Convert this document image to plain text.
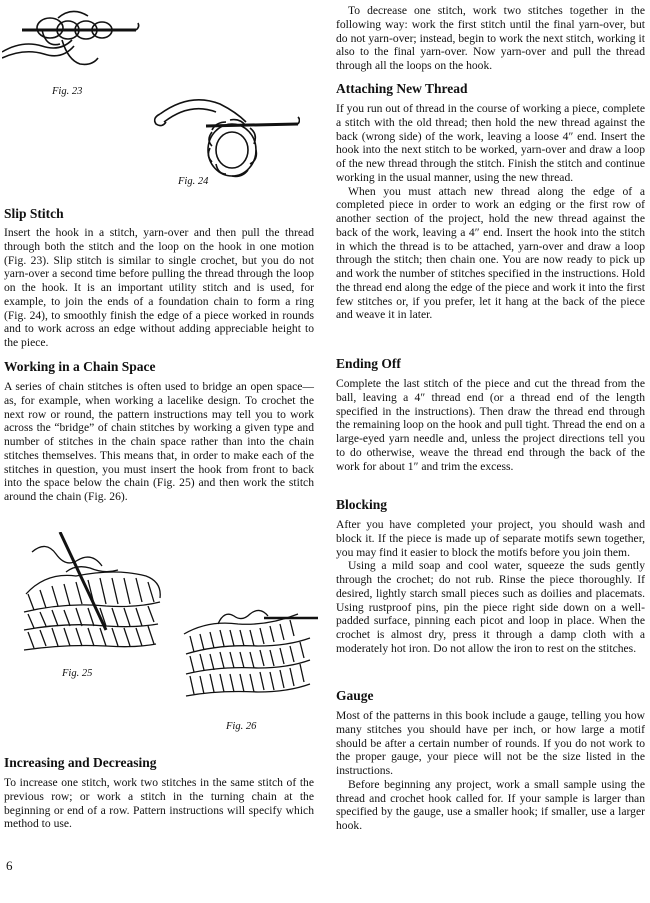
Fig. 23
Fig. 24
Slip Stitch

Insert the hook in a stitch, yarn-over and then pull the thread through both the stitch and the loop on the hook in one motion (Fig. 23). Slip stitch is similar to single crochet, but you do not yarn-over a second time before pulling the thread through the loop on the hook. It is an important utility stitch and is used, for example, to join the ends of a foundation chain to form a ring (Fig. 24), to smoothly finish the edge of a piece worked in rounds and to work across an edge without adding appreciable height to the piece.

Working in a Chain Space

A series of chain stitches is often used to bridge an open space—as, for example, when working a lacelike design. To crochet the next row or round, the pattern instructions may tell you to work across the “bridge” of chain stitches by working a given type and number of stitches in the chain space rather than into the chain stitches themselves. This means that, in order to make each of the stitches in question, you must insert the hook from front to back into the space below the chain (Fig. 25) and then work the stitch around the chain (Fig. 26).

Increasing and Decreasing

To increase one stitch, work two stitches in the same stitch of the previous row; or work a stitch in the turning chain at the beginning or end of a row. Pattern instructions will specify which method to use.

Fig. 25
Fig. 26

To decrease one stitch, work two stitches together in the following way: work the first stitch until the final yarn-over, but do not yarn-over; instead, begin to work the next stitch, working it also to the final yarn-over. Now yarn-over and pull the thread through all the loops on the hook.

Attaching New Thread

If you run out of thread in the course of working a piece, complete a stitch with the old thread; then hold the new thread against the back (wrong side) of the work, leaving a loose 4″ end. Insert the hook into the next stitch to be worked, yarn-over and draw a loop of the new thread through the stitch. Finish the stitch and continue working in the usual manner, using the new thread.

When you must attach new thread along the edge of a completed piece in order to work an edging or the first row of another section of the project, hold the new thread against the back of the work, leaving a 4″ end. Insert the hook into the stitch in which the thread is to be attached, yarn-over and draw a loop through the stitch; then chain one. You are now ready to pick up and work the number of stitches specified in the instructions. Hold the thread end along the edge of the piece and work it into the first few stitches or, if you prefer, let it hang at the back of the piece and weave it in later.

Ending Off

Complete the last stitch of the piece and cut the thread from the ball, leaving a 4″ thread end (or a thread end of the length specified in the instructions). Then draw the thread end through the remaining loop on the hook and pull tight. Thread the end on a large-eyed yarn needle and, unless the project directions tell you to do otherwise, weave the thread end through the back of the work for about 1″ and trim the excess.

Blocking

After you have completed your project, you should wash and block it. If the piece is made up of separate motifs sewn together, you may find it easier to block the motifs before you join them.

Using a mild soap and cool water, squeeze the suds gently through the crochet; do not rub. Rinse the piece thoroughly. If desired, lightly starch small pieces such as doilies and placemats. Using rustproof pins, pin the piece right side down on a well-padded surface, pinning each picot and loop in place. When the crochet is almost dry, press it through a damp cloth with a moderately hot iron. Do not allow the iron to rest on the stitches.

Gauge

Most of the patterns in this book include a gauge, telling you how many stitches you should have per inch, or how large a motif should be after a certain number of rounds. If you do not work to the proper gauge, your piece will not be the size listed in the instructions.

Before beginning any project, work a small sample using the thread and crochet hook called for. If your sample is larger than specified by the gauge, use a smaller hook; if smaller, use a larger hook.

6
